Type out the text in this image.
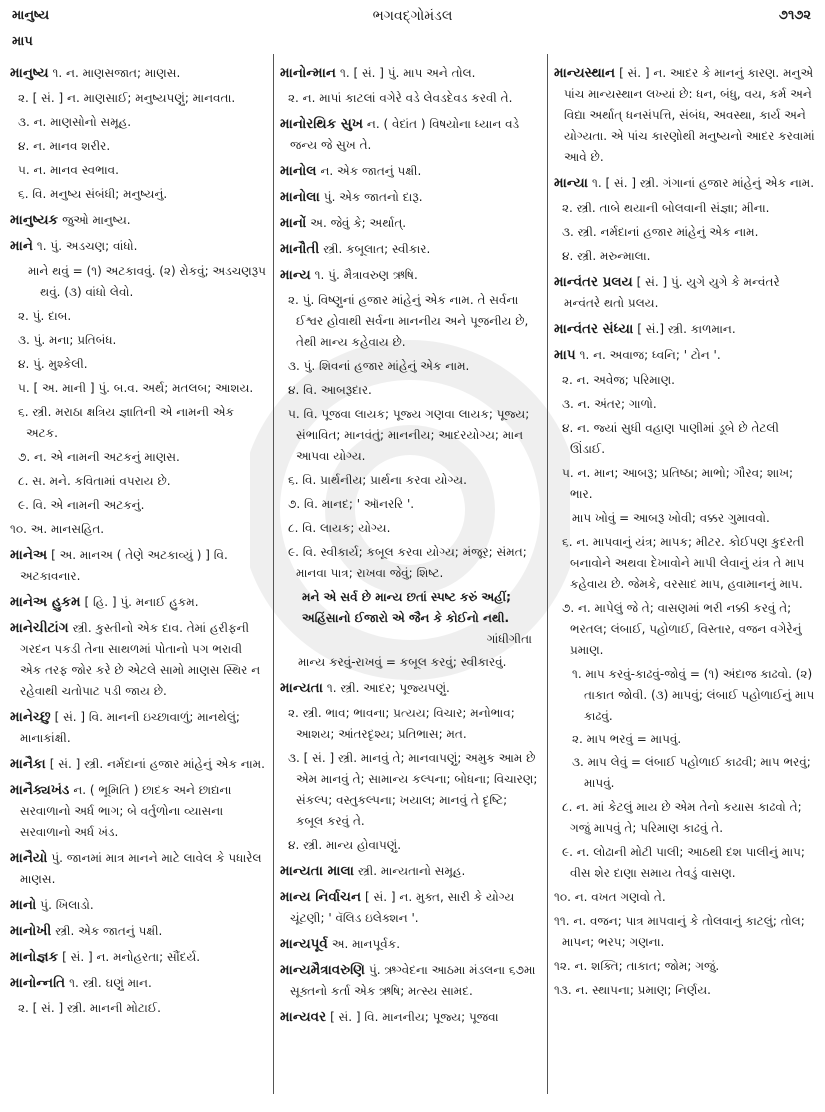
માનુષ્ય
માપ
ભગવદ્ગોમંડલ	૭૧૭૨
માનુષ્ય ૧. ન. માણસજાત; માણસ.
૨. [ સં. ] ન. માણસાઈ; મનુષ્યપણું; માનવતા.
૩. ન. માણસોનો સમૂહ.
૪. ન. માનવ શરીર.
૫. ન. માનવ સ્વભાવ.
૬. વિ. મનુષ્ય સંબંધી; મનુષ્યનું.
માનુષ્યક જુઓ માનુષ્ય.
માને ૧. પું. અડચણ; વાંધો.
માને થવું = (૧) અટકાવવું. (૨) રોકવું; અડચણરૂપ થવું. (૩) વાંધો લેવો.
૨. પું. દાબ.
૩. પું. મના; પ્રતિબંધ.
૪. પું. મુશ્કેલી.
૫. [ અ. માની ] પું. બ.વ. અર્થ; મતલબ; આશય.
૬. સ્ત્રી. મરાઠા ક્ષત્રિય જ્ઞાતિની એ નામની એક અટક.
૭. ન. એ નામની અટકનું માણસ.
૮. સ. મને. કવિતામાં વપરાય છે.
૯. વિ. એ નામની અટકનું.
૧૦. અ. માનસહિત.
માનેઅ [ અ. માનઅ ( તેણે અટકાવ્યું ) ] વિ. અટકાવનાર.
માનેઅ હુકમ [ હિ. ] પું. મનાઈ હુકમ.
માનેચીટાંગ સ્ત્રી. કુસ્તીનો એક દાવ. તેમાં હરીફની ગરદન પકડી તેના સાથળમાં પોતાનો પગ ભરાવી એક તરફ જોર કરે છે એટલે સામો માણસ સ્થિર ન રહેવાથી ચતોપાટ પડી જાય છે.
માનેચ્છુ [ સં. ] વિ. માનની ઇચ્છાવાળું; માનથેલું; માનાકાંક્ષી.
માનૈકા [ સં. ] સ્ત્રી. નર્મદાનાં હજાર માંહેનું એક નામ.
માનૈક્યખંડ ન. ( ભૂમિતિ ) છાદક અને છાદ્યના સરવાળાનો અર્ધ ભાગ; બે વર્તુળોના વ્યાસના સરવાળાનો અર્ધ ખંડ.
માનૈયો પું. જાનમાં માત્ર માનને માટે લાવેલ કે પધારેલ માણસ.
માનો પું. ખિલાડો.
માનોખી સ્ત્રી. એક જાતનું પક્ષી.
માનોજ્ઞક [ સં. ] ન. મનોહરતા; સૌંદર્ય.
માનોન્નતિ ૧. સ્ત્રી. ઘણું માન.
૨. [ સં. ] સ્ત્રી. માનની મોટાઈ.
માનોન્માન ૧. [ સં. ] પું. માપ અને તોલ.
૨. ન. માપાં કાટલાં વગેરે વડે લેવડદેવડ કરવી તે.
માનોરથિક સુખ ન. ( વેદાંત ) વિષયોના ધ્યાન વડે જન્ય જે સુખ તે.
માનોલ ન. એક જાતનું પક્ષી.
માનોલા પું. એક જાતનો દારૂ.
માનોં અ. જેવું કે; અર્થાત્.
માનૌતી સ્ત્રી. કબૂલાત; સ્વીકાર.
માન્ય ૧. પું. મૈત્રાવરુણ ઋષિ.
૨. પું. વિષ્ણુનાં હજાર માંહેનું એક નામ. તે સર્વના ઈશ્વર હોવાથી સર્વના માનનીય અને પૂજનીય છે, તેથી માન્ય કહેવાય છે.
૩. પું. શિવનાં હજાર માંહેનું એક નામ.
૪. વિ. આબરૂદાર.
૫. વિ. પૂજવા લાયક; પૂજ્ય ગણવા લાયક; પૂજ્ય; સંભાવિત; માનવંતું; માનનીય; આદરયોગ્ય; માન આપવા યોગ્ય.
૬. વિ. પ્રાર્થનીય; પ્રાર્થના કરવા યોગ્ય.
૭. વિ. માનદ; ' ઑનરરિ '.
૮. વિ. લાયક; યોગ્ય.
૯. વિ. સ્વીકાર્ય; કબૂલ કરવા યોગ્ય; મંજૂર; સંમત; માનવા પાત્ર; રાખવા જેવું; શિષ્ટ.
મને એ સર્વ છે માન્ય છતાં સ્પષ્ટ કરું અહીં;
અહિંસાનો ઈજારો એ જૈન કે કોઈનો નથી.
ગાંધીગીતા
માન્ય કરવું-રાખવું = કબૂલ કરવું; સ્વીકારવું.
માન્યતા ૧. સ્ત્રી. આદર; પૂજ્યપણું.
૨. સ્ત્રી. ભાવ; ભાવના; પ્રત્યય; વિચાર; મનોભાવ; આશય; આંતરદૃશ્ય; પ્રતિભાસ; મત.
૩. [ સં. ] સ્ત્રી. માનવું તે; માનવાપણું; અમુક આમ છે એમ માનવું તે; સામાન્ય કલ્પના; બોધના; વિચારણ; સંકલ્પ; વસ્તુકલ્પના; ખયાલ; માનવું તે દૃષ્ટિ; કબૂલ કરવું તે.
૪. સ્ત્રી. માન્ય હોવાપણું.
માન્યતા માલા સ્ત્રી. માન્યતાનો સમૂહ.
માન્ય નિર્વાચન [ સં. ] ન. મુક્ત, સારી કે યોગ્ય ચૂંટણી; ' વૅલિડ ઇલેક્શન '.
માન્યપૂર્વ અ. માનપૂર્વક.
માન્યમૈત્રાવરુણિ પું. ઋગ્વેદના આઠમા મંડલના ૬૭મા સૂક્તનો કર્તા એક ઋષિ; મત્સ્ય સામદ.
માન્યવર [ સં. ] વિ. માનનીય; પૂજ્ય; પૂજવા
માન્યસ્થાન [ સં. ] ન. આદર કે માનનું કારણ. મનુએ પાંચ માન્યસ્થાન લખ્યાં છે: ધન, બંધુ, વય, કર્મ અને વિદ્યા અર્થાત્ ધનસંપત્તિ, સંબંધ, અવસ્થા, કાર્ય અને યોગ્યતા. એ પાંચ કારણોથી મનુષ્યનો આદર કરવામાં આવે છે.
માન્યા ૧. [ સં. ] સ્ત્રી. ગંગાનાં હજાર માંહેનું એક નામ.
૨. સ્ત્રી. તાબે થયાની બોલવાની સંજ્ઞા; મીના.
૩. સ્ત્રી. નર્મદાનાં હજાર માંહેનું એક નામ.
૪. સ્ત્રી. મરુન્માલા.
માન્વંતર પ્રલય [ સં. ] પું. યુગે યુગે કે મન્વંતરે મન્વંતરે થતો પ્રલય.
માન્વંતર સંધ્યા [ સં.] સ્ત્રી. કાળમાન.
માપ ૧. ન. અવાજ; ધ્વનિ; ' ટોન '.
૨. ન. અવેજ; પરિમાણ.
૩. ન. અંતર; ગાળો.
૪. ન. જ્યાં સુધી વહાણ પાણીમાં ડૂબે છે તેટલી ઊંડાઈ.
૫. ન. માન; આબરૂ; પ્રતિષ્ઠા; માભો; ગૌરવ; શાખ; ભાર.
માપ ખોવું = આબરૂ ખોવી; વક્કર ગુમાવવો.
૬. ન. માપવાનું યંત્ર; માપક; મીટર. કોઈપણ કુદરતી બનાવોને અથવા દેખાવોને માપી લેવાનું યંત્ર તે માપ કહેવાય છે. જેમકે, વરસાદ માપ, હવામાનનું માપ.
૭. ન. માપેલું જે તે; વાસણમાં ભરી નક્કી કરવું તે; ભરતલ; લંબાઈ, પહોળાઈ, વિસ્તાર, વજન વગેરેનું પ્રમાણ.
૧. માપ કરવું-કાઢવું-જોવું = (૧) અંદાજ કાઢવો. (૨) તાકાત જોવી. (૩) માપવું; લંબાઈ પહોળાઈનું માપ કાઢવું.
૨. માપ ભરવું = માપવું.
૩. માપ લેવું = લંબાઈ પહોળાઈ કાઢવી; માપ ભરવું; માપવું.
૮. ન. માં કેટલું માય છે એમ તેનો કયાસ કાઢવો તે; ગજું માપવું તે; પરિમાણ કાઢવું તે.
૯. ન. લોઢાની મોટી પાલી; આઠથી દશ પાલીનું માપ; વીસ શેર દાણા સમાય તેવડું વાસણ.
૧૦. ન. વખત ગણવો તે.
૧૧. ન. વજન; પાત્ર માપવાનું કે તોલવાનું કાટલું; તોલ; માપન; ભરપ; ગણના.
૧૨. ન. શક્તિ; તાકાત; જોમ; ગજું.
૧૩. ન. સ્થાપના; પ્રમાણ; નિર્ણય.
